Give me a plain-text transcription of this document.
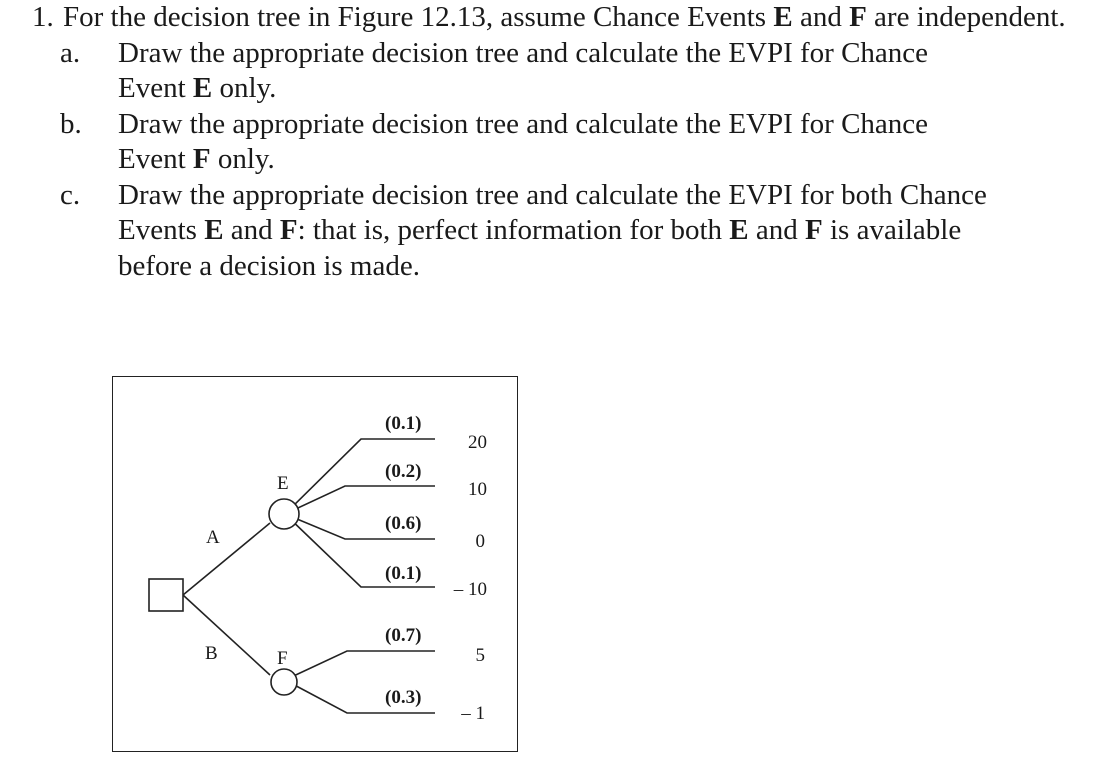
1. For the decision tree in Figure 12.13, assume Chance Events E and F are independent.
a.	Draw the appropriate decision tree and calculate the EVPI for Chance Event E only.
b.	Draw the appropriate decision tree and calculate the EVPI for Chance Event F only.
c.	Draw the appropriate decision tree and calculate the EVPI for both Chance Events E and F: that is, perfect information for both E and F is available before a decision is made.
A
B
E
F
(0.1)
(0.2)
(0.6)
(0.1)
(0.7)
(0.3)
20
10
0
– 10
5
– 1
